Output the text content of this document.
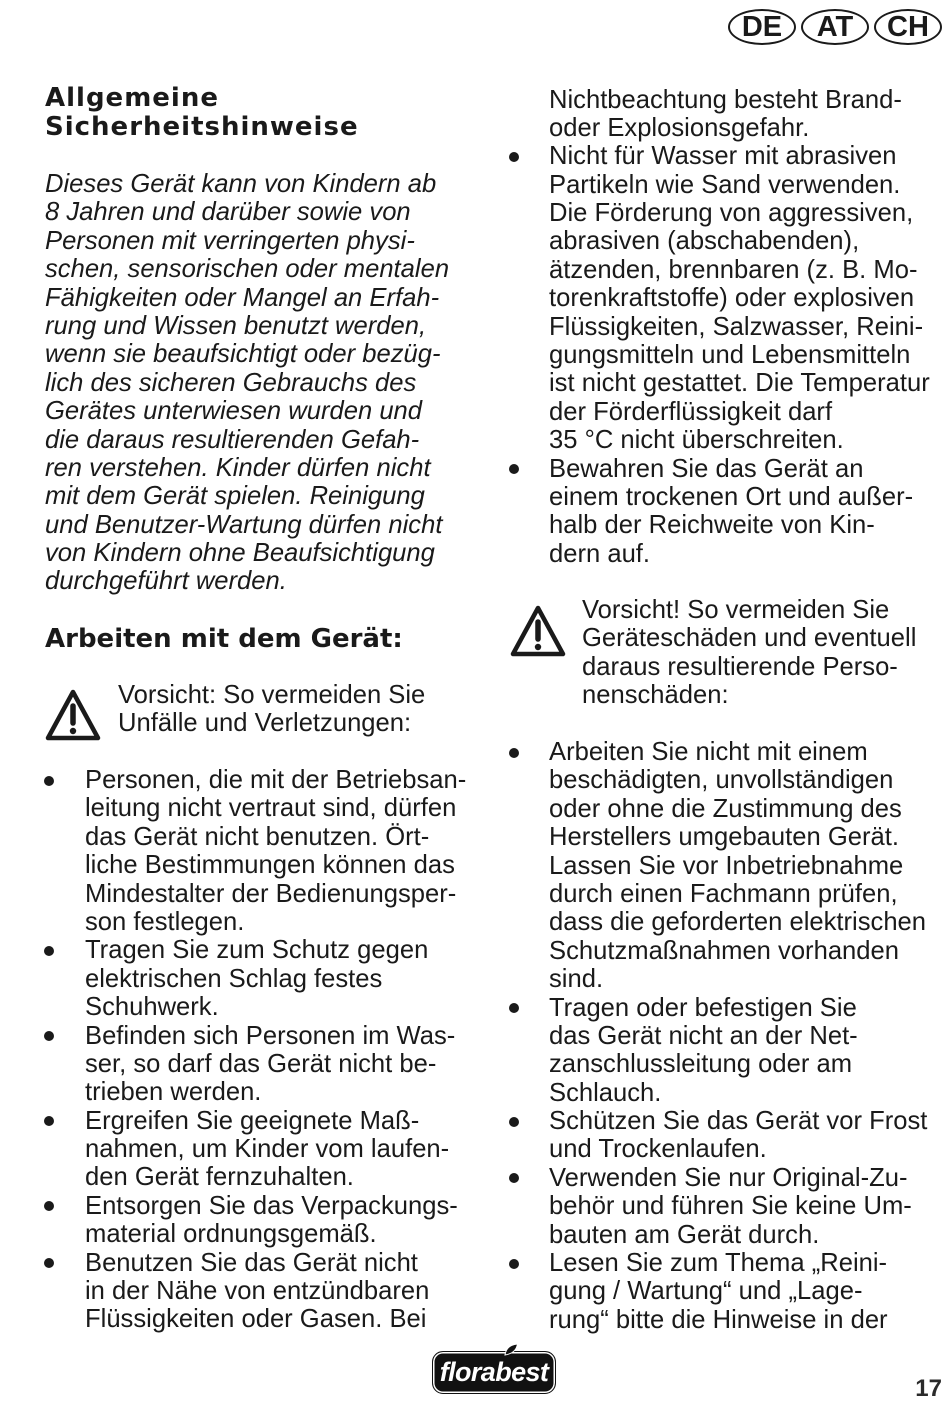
DE	AT	CH
Allgemeine
Sicherheitshinweise
Dieses Gerät kann von Kindern ab
8 Jahren und darüber sowie von
Personen mit verringerten physi-
schen, sensorischen oder mentalen
Fähigkeiten oder Mangel an Erfah-
rung und Wissen benutzt werden,
wenn sie beaufsichtigt oder bezüg-
lich des sicheren Gebrauchs des
Gerätes unterwiesen wurden und
die daraus resultierenden Gefah-
ren verstehen. Kinder dürfen nicht
mit dem Gerät spielen. Reinigung
und Benutzer-Wartung dürfen nicht
von Kindern ohne Beaufsichtigung
durchgeführt werden.
Arbeiten mit dem Gerät:
Vorsicht: So vermeiden Sie
Unfälle und Verletzungen:
Personen, die mit der Betriebsan-
leitung nicht vertraut sind, dürfen
das Gerät nicht benutzen. Ört-
liche Bestimmungen können das
Mindestalter der Bedienungsper-
son festlegen.
Tragen Sie zum Schutz gegen
elektrischen Schlag festes
Schuhwerk.
Befinden sich Personen im Was-
ser, so darf das Gerät nicht be-
trieben werden.
Ergreifen Sie geeignete Maß-
nahmen, um Kinder vom laufen-
den Gerät fernzuhalten.
Entsorgen Sie das Verpackungs-
material ordnungsgemäß.
Benutzen Sie das Gerät nicht
in der Nähe von entzündbaren
Flüssigkeiten oder Gasen. Bei
Nichtbeachtung besteht Brand-
oder Explosionsgefahr.
Nicht für Wasser mit abrasiven
Partikeln wie Sand verwenden.
Die Förderung von aggressiven,
abrasiven (abschabenden),
ätzenden, brennbaren (z. B. Mo-
torenkraftstoffe) oder explosiven
Flüssigkeiten, Salzwasser, Reini-
gungsmitteln und Lebensmitteln
ist nicht gestattet. Die Temperatur
der Förderflüssigkeit darf
35 °C nicht überschreiten.
Bewahren Sie das Gerät an
einem trockenen Ort und außer-
halb der Reichweite von Kin-
dern auf.
Vorsicht! So vermeiden Sie
Geräteschäden und eventuell
daraus resultierende Perso-
nenschäden:
Arbeiten Sie nicht mit einem
beschädigten, unvollständigen
oder ohne die Zustimmung des
Herstellers umgebauten Gerät.
Lassen Sie vor Inbetriebnahme
durch einen Fachmann prüfen,
dass die geforderten elektrischen
Schutzmaßnahmen vorhanden
sind.
Tragen oder befestigen Sie
das Gerät nicht an der Net-
zanschlussleitung oder am
Schlauch.
Schützen Sie das Gerät vor Frost
und Trockenlaufen.
Verwenden Sie nur Original-Zu-
behör und führen Sie keine Um-
bauten am Gerät durch.
Lesen Sie zum Thema „Reini-
gung / Wartung“ und „Lage-
rung“ bitte die Hinweise in der
florabest
17
